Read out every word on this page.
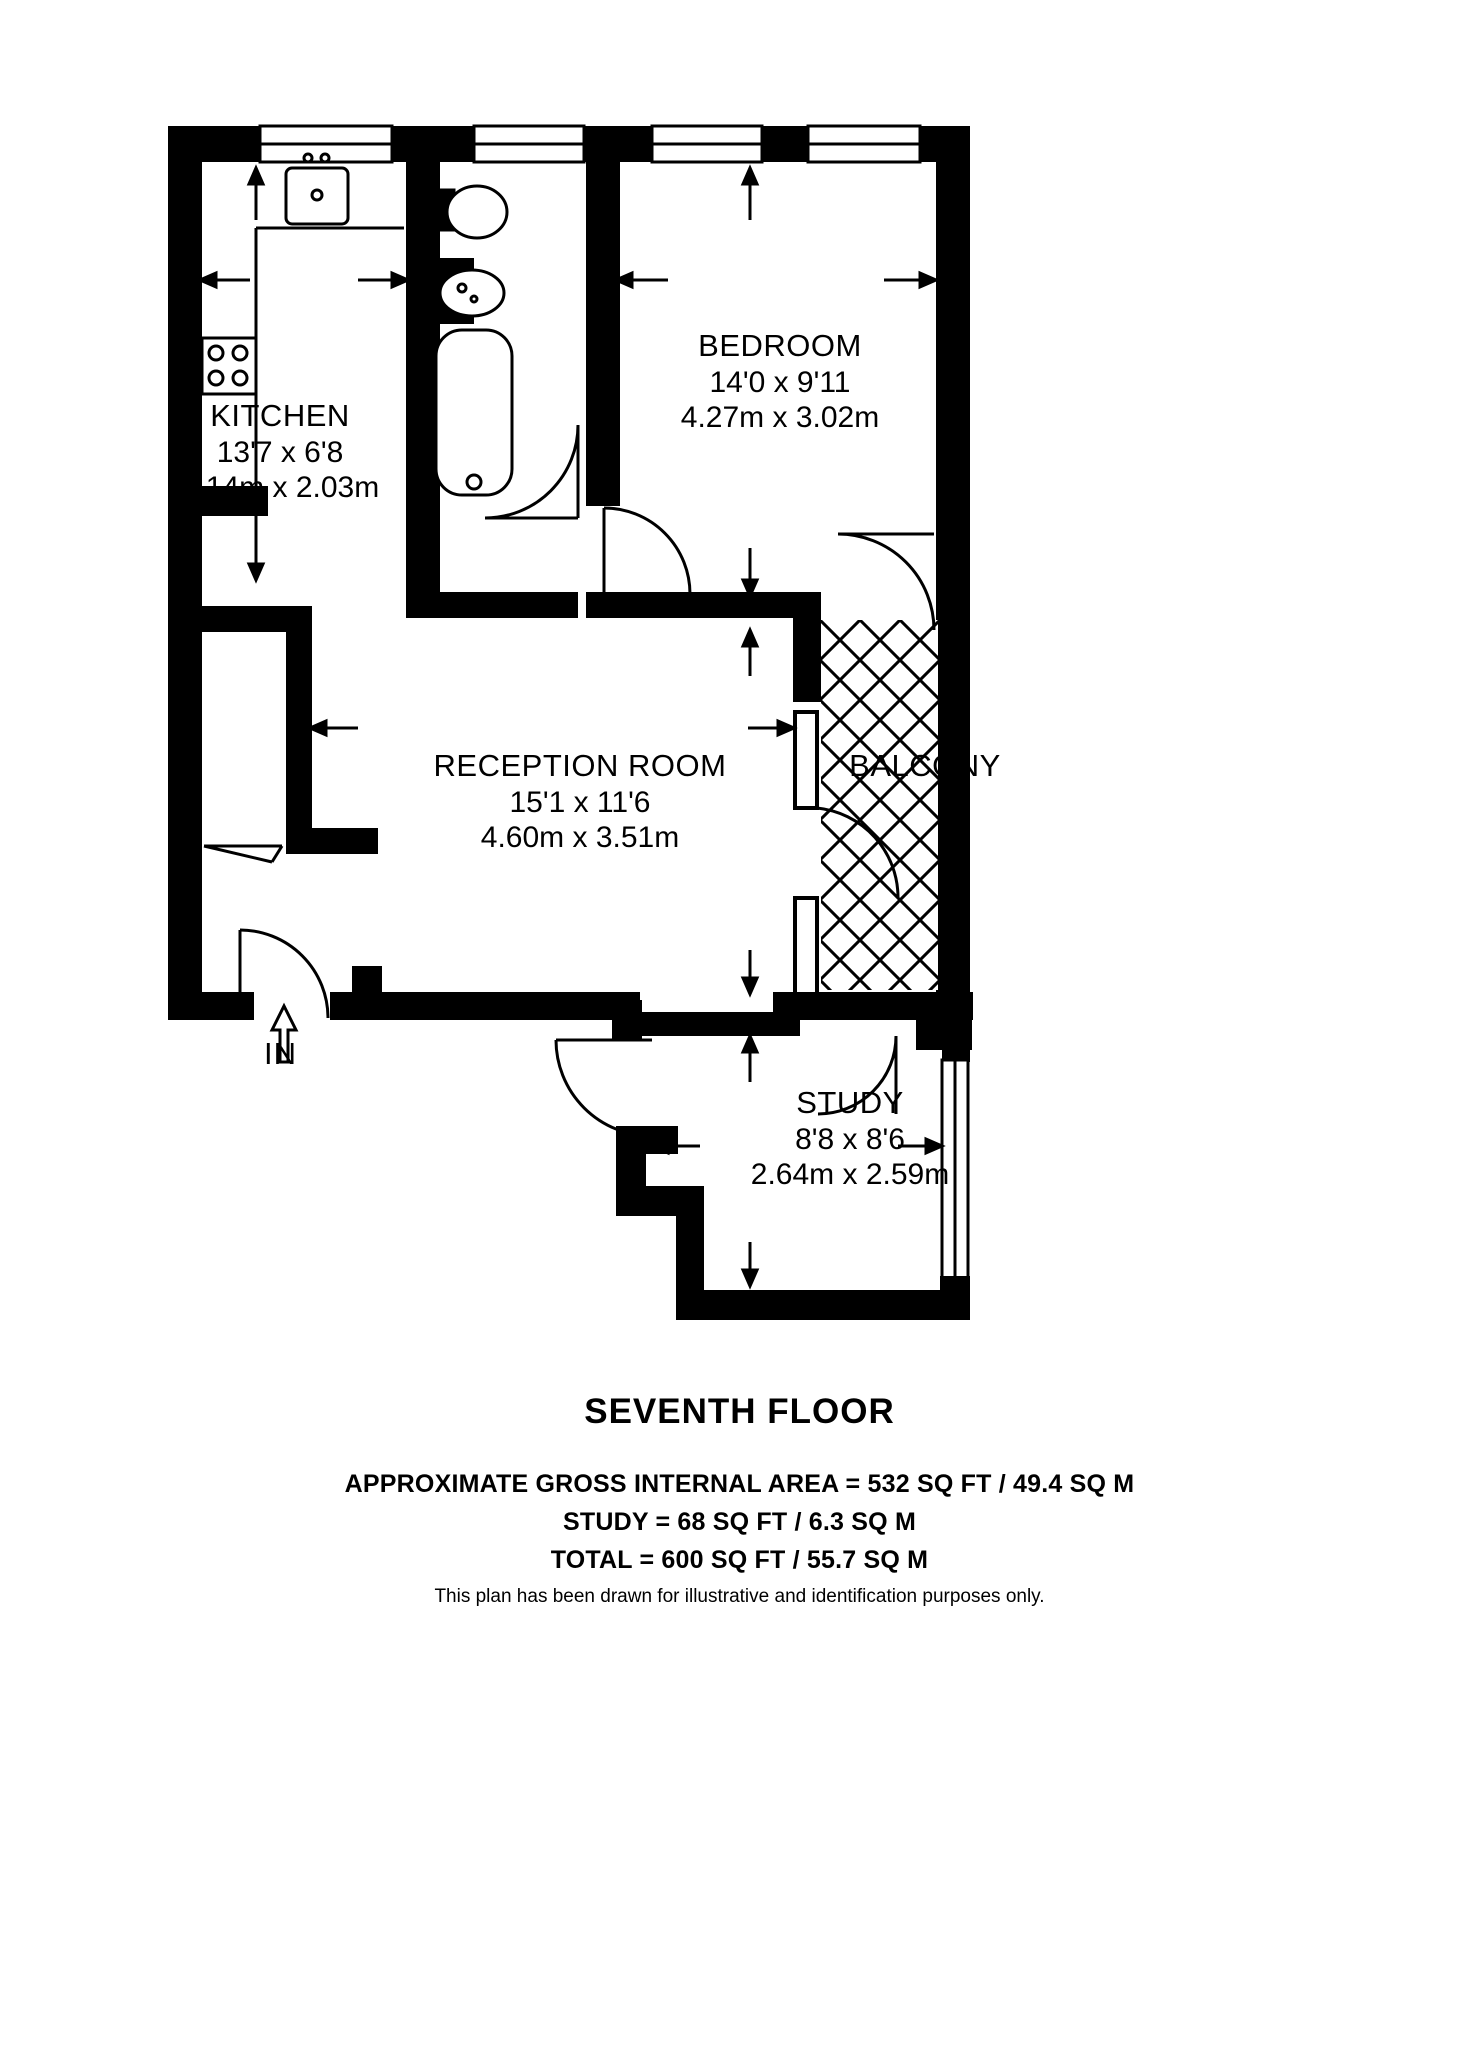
KITCHEN
13'7 x 6'8
4.14m x 2.03m
BEDROOM
14'0 x 9'11
4.27m x 3.02m
RECEPTION ROOM
15'1 x 11'6
4.60m x 3.51m
BALCONY
STUDY
8'8 x 8'6
2.64m x 2.59m
IN
SEVENTH FLOOR
APPROXIMATE GROSS INTERNAL AREA = 532 SQ FT / 49.4 SQ M
STUDY = 68 SQ FT / 6.3 SQ M
TOTAL = 600 SQ FT / 55.7 SQ M
This plan has been drawn for illustrative and identification purposes only.
